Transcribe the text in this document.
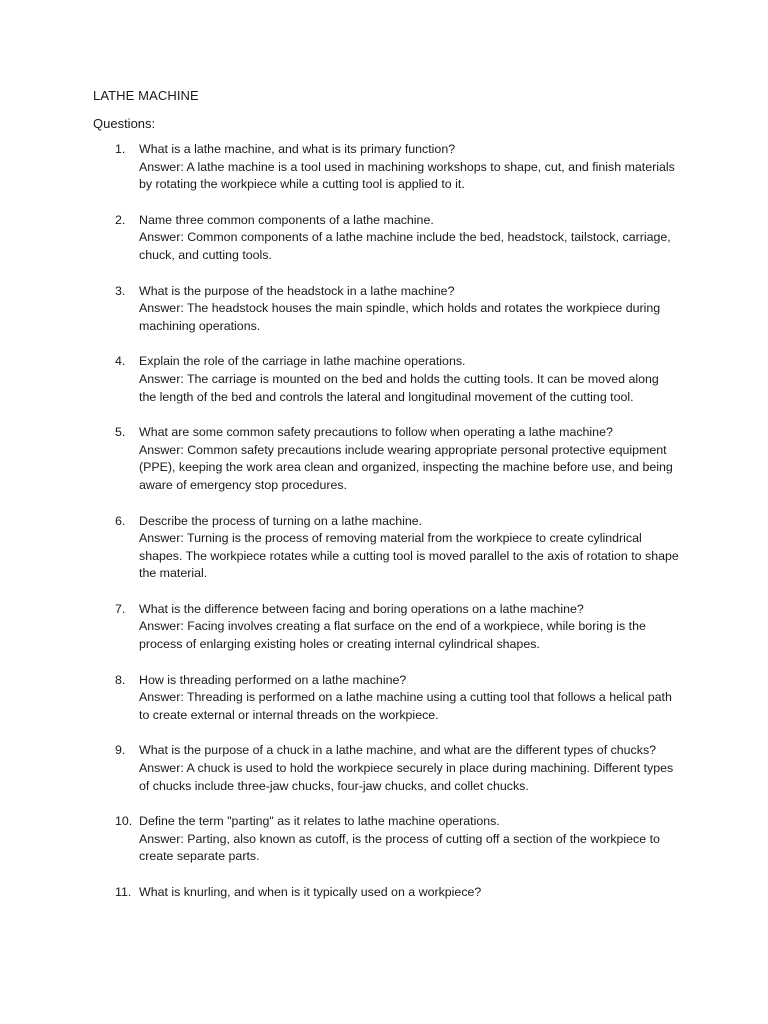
LATHE MACHINE
Questions:
1.	What is a lathe machine, and what is its primary function?
Answer: A lathe machine is a tool used in machining workshops to shape, cut, and finish materials by rotating the workpiece while a cutting tool is applied to it.
2.	Name three common components of a lathe machine.
Answer: Common components of a lathe machine include the bed, headstock, tailstock, carriage, chuck, and cutting tools.
3.	What is the purpose of the headstock in a lathe machine?
Answer: The headstock houses the main spindle, which holds and rotates the workpiece during machining operations.
4.	Explain the role of the carriage in lathe machine operations.
Answer: The carriage is mounted on the bed and holds the cutting tools. It can be moved along the length of the bed and controls the lateral and longitudinal movement of the cutting tool.
5.	What are some common safety precautions to follow when operating a lathe machine?
Answer: Common safety precautions include wearing appropriate personal protective equipment (PPE), keeping the work area clean and organized, inspecting the machine before use, and being aware of emergency stop procedures.
6.	Describe the process of turning on a lathe machine.
Answer: Turning is the process of removing material from the workpiece to create cylindrical shapes. The workpiece rotates while a cutting tool is moved parallel to the axis of rotation to shape the material.
7.	What is the difference between facing and boring operations on a lathe machine?
Answer: Facing involves creating a flat surface on the end of a workpiece, while boring is the process of enlarging existing holes or creating internal cylindrical shapes.
8.	How is threading performed on a lathe machine?
Answer: Threading is performed on a lathe machine using a cutting tool that follows a helical path to create external or internal threads on the workpiece.
9.	What is the purpose of a chuck in a lathe machine, and what are the different types of chucks?
Answer: A chuck is used to hold the workpiece securely in place during machining. Different types of chucks include three-jaw chucks, four-jaw chucks, and collet chucks.
10. Define the term "parting" as it relates to lathe machine operations.
Answer: Parting, also known as cutoff, is the process of cutting off a section of the workpiece to create separate parts.
11. What is knurling, and when is it typically used on a workpiece?
